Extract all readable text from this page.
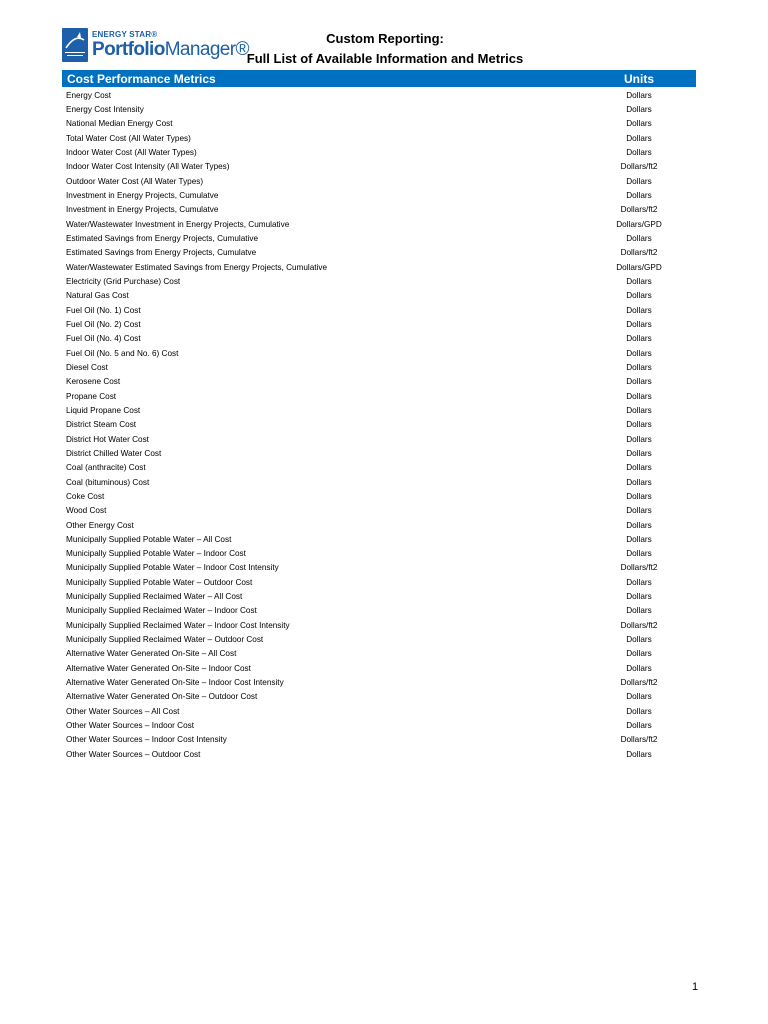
ENERGY STAR®
PortfolioManager®
Custom Reporting:
Full List of Available Information and Metrics
Cost Performance Metrics	Units
Energy Cost	Dollars
Energy Cost Intensity	Dollars
National Median Energy Cost	Dollars
Total Water Cost (All Water Types)	Dollars
Indoor Water Cost (All Water Types)	Dollars
Indoor Water Cost Intensity (All Water Types)	Dollars/ft2
Outdoor Water Cost (All Water Types)	Dollars
Investment in Energy Projects, Cumulatve	Dollars
Investment in Energy Projects, Cumulatve	Dollars/ft2
Water/Wastewater Investment in Energy Projects, Cumulative	Dollars/GPD
Estimated Savings from Energy Projects, Cumulative	Dollars
Estimated Savings from Energy Projects, Cumulatve	Dollars/ft2
Water/Wastewater Estimated Savings from Energy Projects, Cumulative	Dollars/GPD
Electricity (Grid Purchase) Cost	Dollars
Natural Gas Cost	Dollars
Fuel Oil (No. 1) Cost	Dollars
Fuel Oil (No. 2) Cost	Dollars
Fuel Oil (No. 4) Cost	Dollars
Fuel Oil (No. 5 and No. 6) Cost	Dollars
Diesel Cost	Dollars
Kerosene Cost	Dollars
Propane Cost	Dollars
Liquid Propane Cost	Dollars
District Steam Cost	Dollars
District Hot Water Cost	Dollars
District Chilled Water Cost	Dollars
Coal (anthracite) Cost	Dollars
Coal (bituminous) Cost	Dollars
Coke Cost	Dollars
Wood Cost	Dollars
Other Energy Cost	Dollars
Municipally Supplied Potable Water – All Cost	Dollars
Municipally Supplied Potable Water – Indoor Cost	Dollars
Municipally Supplied Potable Water – Indoor Cost Intensity	Dollars/ft2
Municipally Supplied Potable Water – Outdoor Cost	Dollars
Municipally Supplied Reclaimed Water – All Cost	Dollars
Municipally Supplied Reclaimed Water – Indoor Cost	Dollars
Municipally Supplied Reclaimed Water – Indoor Cost Intensity	Dollars/ft2
Municipally Supplied Reclaimed Water – Outdoor Cost	Dollars
Alternative Water Generated On-Site – All Cost	Dollars
Alternative Water Generated On-Site – Indoor Cost	Dollars
Alternative Water Generated On-Site – Indoor Cost Intensity	Dollars/ft2
Alternative Water Generated On-Site – Outdoor Cost	Dollars
Other Water Sources – All Cost	Dollars
Other Water Sources – Indoor Cost	Dollars
Other Water Sources – Indoor Cost Intensity	Dollars/ft2
Other Water Sources – Outdoor Cost	Dollars
1
